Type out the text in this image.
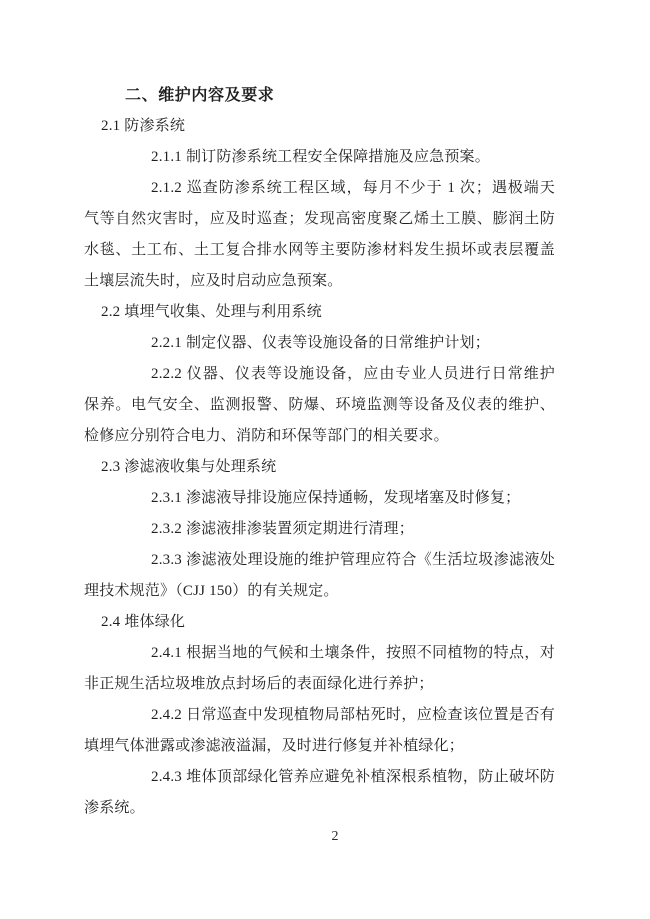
二、维护内容及要求
2.1 防渗系统
2.1.1 制订防渗系统工程安全保障措施及应急预案。
2.1.2 巡查防渗系统工程区域，每月不少于 1 次；遇极端天
气等自然灾害时，应及时巡查；发现高密度聚乙烯土工膜、膨润土防
水毯、土工布、土工复合排水网等主要防渗材料发生损坏或表层覆盖
土壤层流失时，应及时启动应急预案。
2.2 填埋气收集、处理与利用系统
2.2.1 制定仪器、仪表等设施设备的日常维护计划；
2.2.2 仪器、仪表等设施设备，应由专业人员进行日常维护
保养。电气安全、监测报警、防爆、环境监测等设备及仪表的维护、
检修应分别符合电力、消防和环保等部门的相关要求。
2.3 渗滤液收集与处理系统
2.3.1 渗滤液导排设施应保持通畅，发现堵塞及时修复；
2.3.2 渗滤液排渗装置须定期进行清理；
2.3.3 渗滤液处理设施的维护管理应符合《生活垃圾渗滤液处
理技术规范》（CJJ 150）的有关规定。
2.4 堆体绿化
2.4.1 根据当地的气候和土壤条件，按照不同植物的特点，对
非正规生活垃圾堆放点封场后的表面绿化进行养护；
2.4.2 日常巡查中发现植物局部枯死时，应检查该位置是否有
填埋气体泄露或渗滤液溢漏，及时进行修复并补植绿化；
2.4.3 堆体顶部绿化管养应避免补植深根系植物，防止破坏防
渗系统。
2
